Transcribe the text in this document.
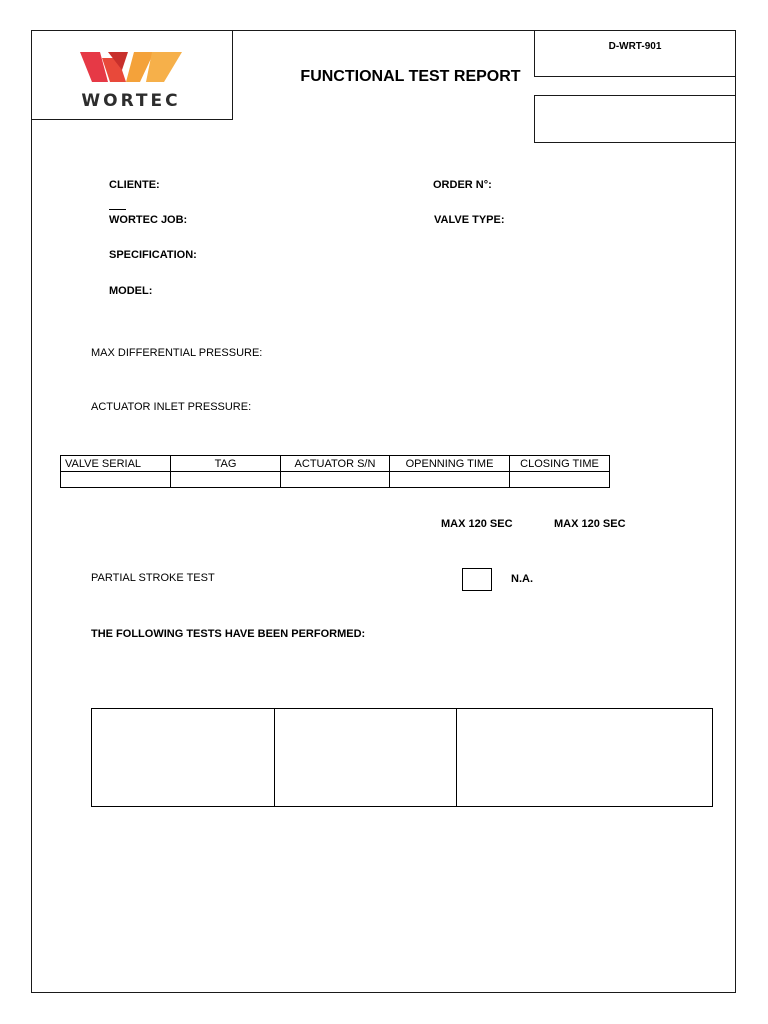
WORTEC
D-WRT-901
FUNCTIONAL TEST REPORT
CLIENTE:	ORDER N°:
WORTEC JOB:	VALVE TYPE:
SPECIFICATION:
MODEL:
MAX DIFFERENTIAL PRESSURE:
ACTUATOR INLET PRESSURE:
VALVE SERIAL	TAG	ACTUATOR S/N	OPENNING TIME	CLOSING TIME

MAX 120 SEC	MAX 120 SEC
PARTIAL STROKE TEST	N.A.
THE FOLLOWING TESTS HAVE BEEN PERFORMED:
